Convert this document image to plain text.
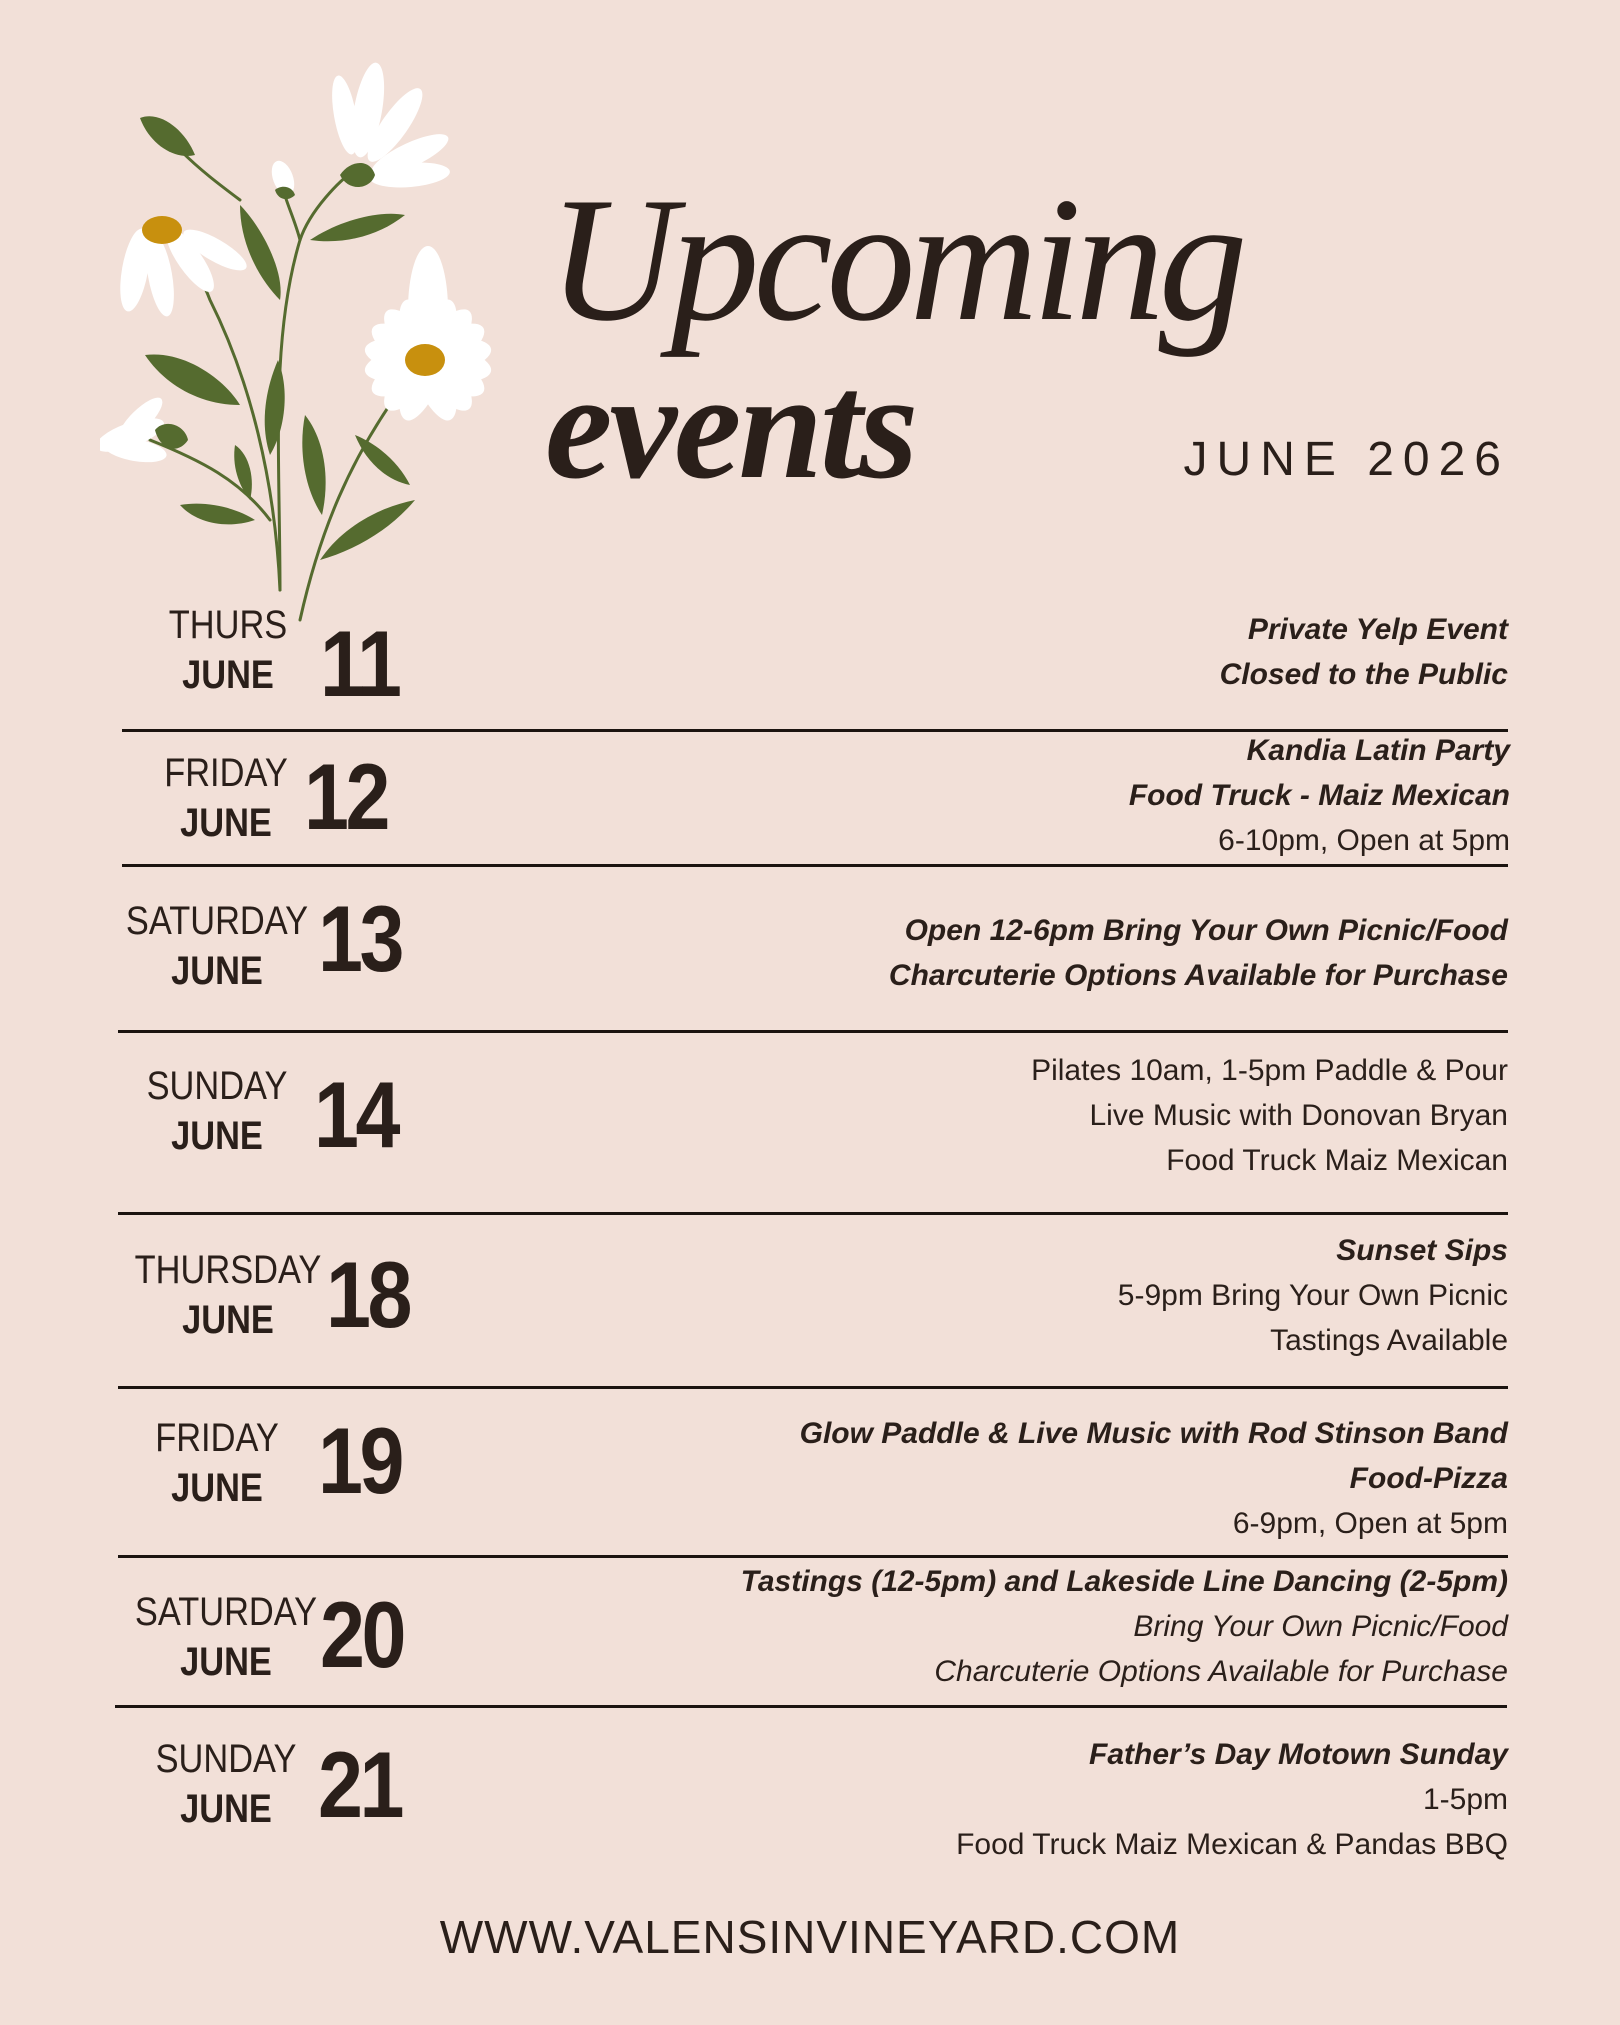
Upcoming
events	JUNE 2026
THURS
JUNE 11	Private Yelp Event
Closed to the Public
FRIDAY
JUNE 12	Kandia Latin Party
Food Truck - Maiz Mexican
6-10pm, Open at 5pm
SATURDAY
JUNE 13	Open 12-6pm Bring Your Own Picnic/Food
Charcuterie Options Available for Purchase
SUNDAY
JUNE 14	Pilates 10am, 1-5pm Paddle & Pour
Live Music with Donovan Bryan
Food Truck Maiz Mexican
THURSDAY
JUNE 18	Sunset Sips
5-9pm Bring Your Own Picnic
Tastings Available
FRIDAY
JUNE 19	Glow Paddle & Live Music with Rod Stinson Band
Food-Pizza
6-9pm, Open at 5pm
SATURDAY
JUNE 20
Tastings (12-5pm) and Lakeside Line Dancing (2-5pm)
Bring Your Own Picnic/Food
Charcuterie Options Available for Purchase
SUNDAY
JUNE 21	Father’s Day Motown Sunday
1-5pm
Food Truck Maiz Mexican & Pandas BBQ
WWW.VALENSINVINEYARD.COM
